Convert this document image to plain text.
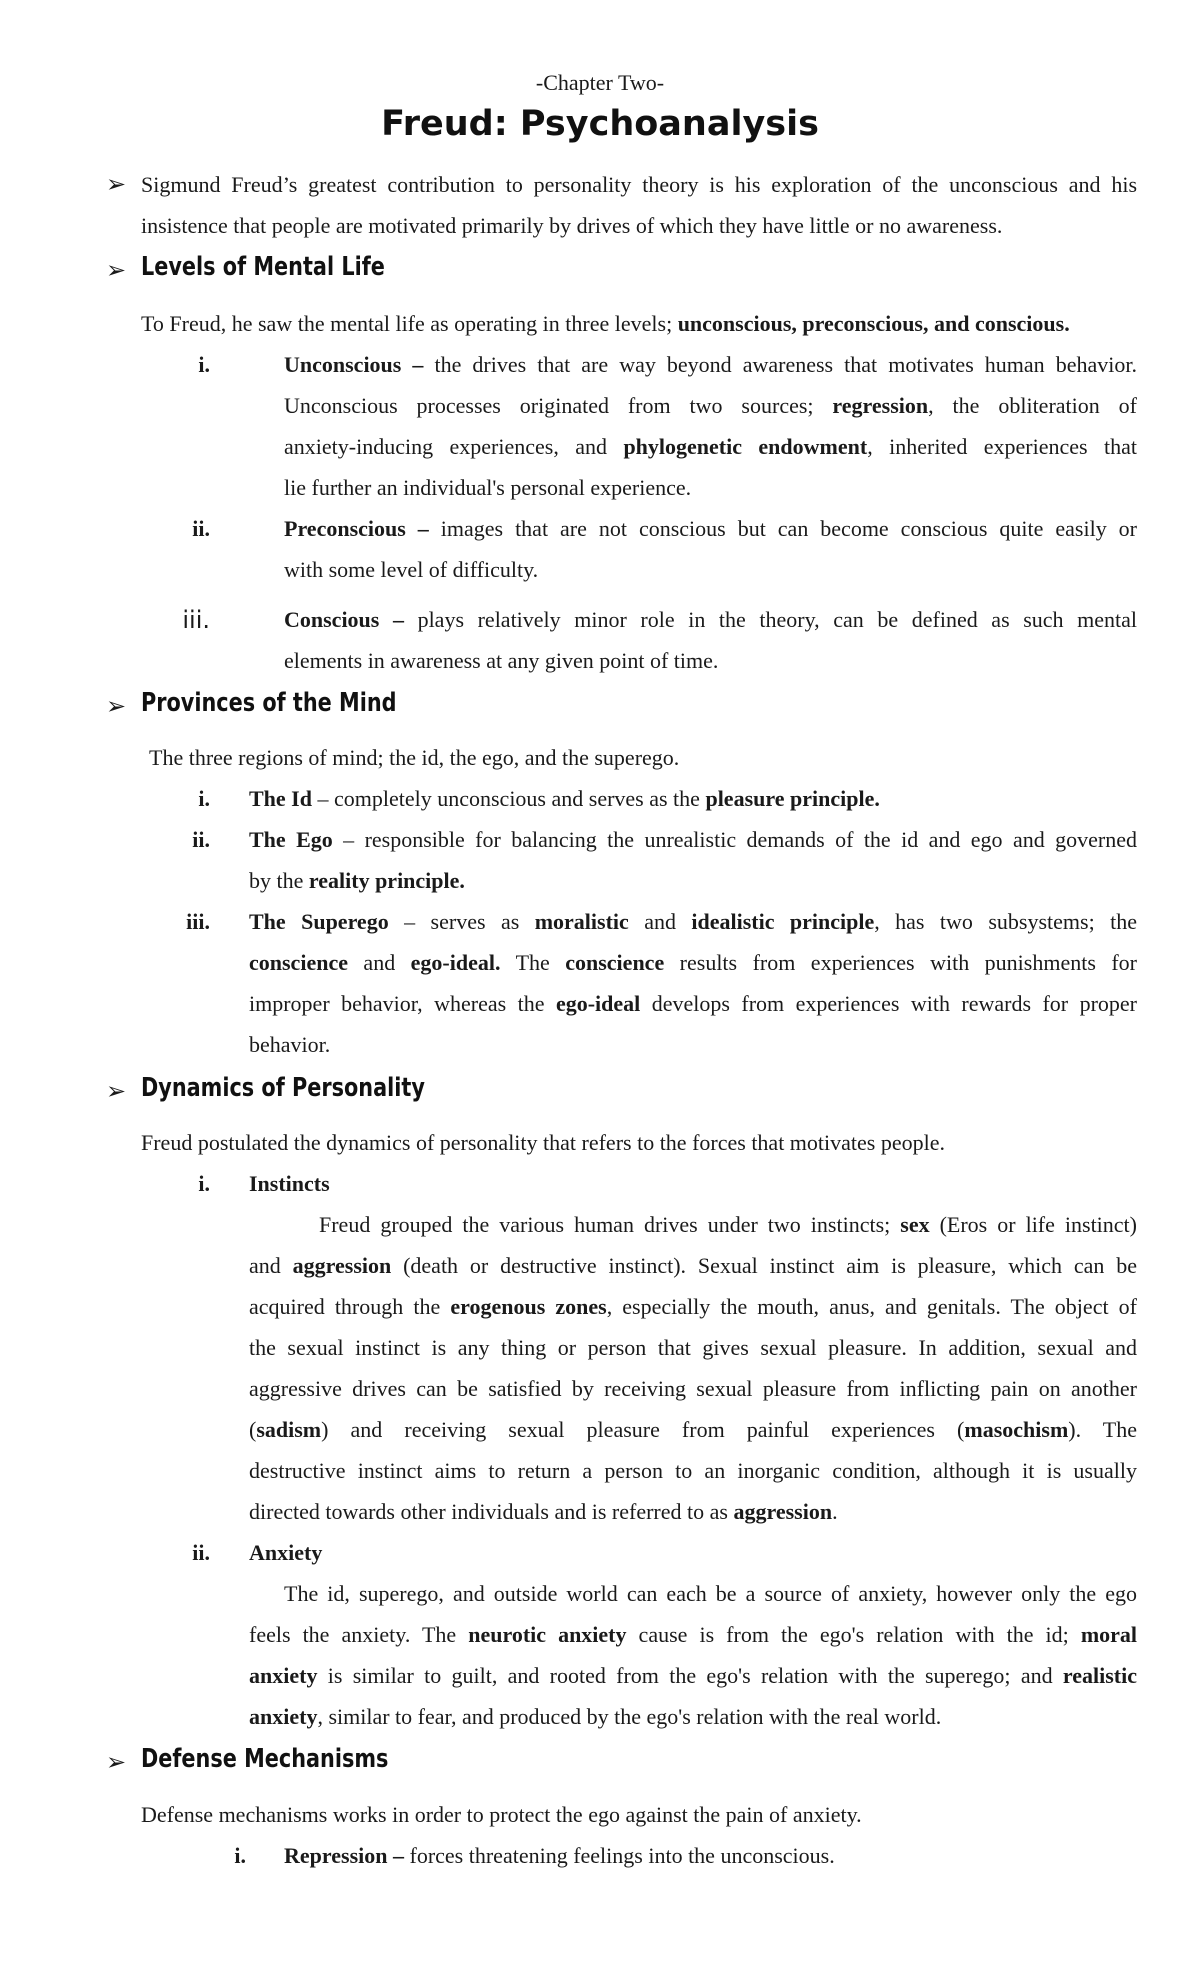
-Chapter Two-

Freud: Psychoanalysis
➢ Sigmund Freud’s greatest contribution to personality theory is his exploration of the unconscious and his
insistence that people are motivated primarily by drives of which they have little or no awareness.
➢ Levels of Mental Life
To Freud, he saw the mental life as operating in three levels; unconscious, preconscious, and conscious.
i.	Unconscious – the drives that are way beyond awareness that motivates human behavior.
Unconscious processes originated from two sources; regression, the obliteration of
anxiety-inducing experiences, and phylogenetic endowment, inherited experiences that
lie further an individual's personal experience.
ii.	Preconscious – images that are not conscious but can become conscious quite easily or
with some level of difficulty.
iii.	Conscious – plays relatively minor role in the theory, can be defined as such mental
elements in awareness at any given point of time.
➢ Provinces of the Mind
The three regions of mind; the id, the ego, and the superego.
i. The Id – completely unconscious and serves as the pleasure principle.
ii. The Ego – responsible for balancing the unrealistic demands of the id and ego and governed
by the reality principle.
iii. The Superego – serves as moralistic and idealistic principle, has two subsystems; the
conscience and ego-ideal. The conscience results from experiences with punishments for
improper behavior, whereas the ego-ideal develops from experiences with rewards for proper
behavior.
➢ Dynamics of Personality
Freud postulated the dynamics of personality that refers to the forces that motivates people.
i. Instincts
Freud grouped the various human drives under two instincts; sex (Eros or life instinct)
and aggression (death or destructive instinct). Sexual instinct aim is pleasure, which can be
acquired through the erogenous zones, especially the mouth, anus, and genitals. The object of
the sexual instinct is any thing or person that gives sexual pleasure. In addition, sexual and
aggressive drives can be satisfied by receiving sexual pleasure from inflicting pain on another
(sadism) and receiving sexual pleasure from painful experiences (masochism). The
destructive instinct aims to return a person to an inorganic condition, although it is usually
directed towards other individuals and is referred to as aggression.
ii. Anxiety
The id, superego, and outside world can each be a source of anxiety, however only the ego
feels the anxiety. The neurotic anxiety cause is from the ego's relation with the id; moral
anxiety is similar to guilt, and rooted from the ego's relation with the superego; and realistic
anxiety, similar to fear, and produced by the ego's relation with the real world.
➢ Defense Mechanisms
Defense mechanisms works in order to protect the ego against the pain of anxiety.
i. Repression – forces threatening feelings into the unconscious.
